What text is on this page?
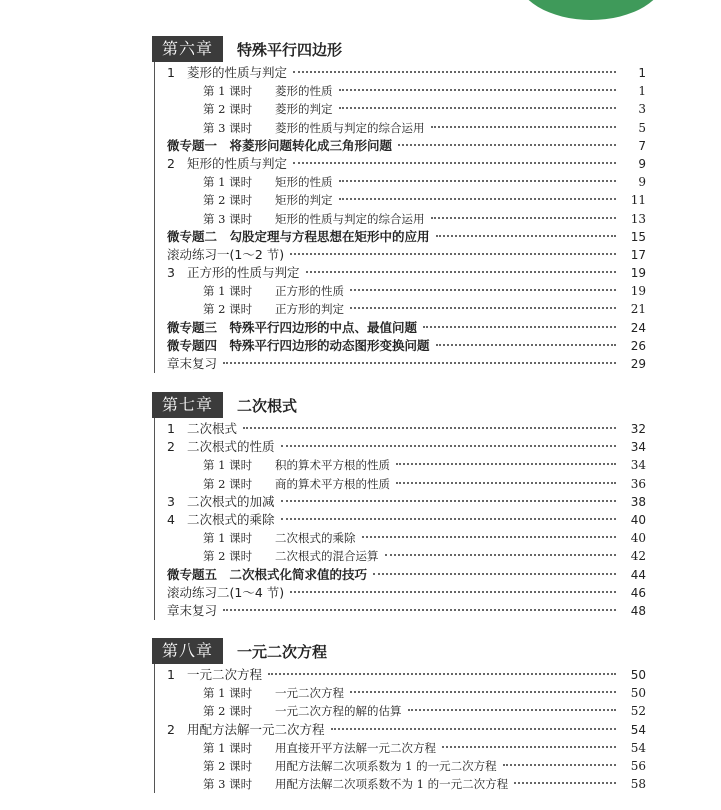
第六章	特殊平行四边形
1 菱形的性质与判定	1
第 1 课时 菱形的性质	1
第 2 课时 菱形的判定	3
第 3 课时 菱形的性质与判定的综合运用	5
微专题一　将菱形问题转化成三角形问题	7
2 矩形的性质与判定	9
第 1 课时 矩形的性质	9
第 2 课时 矩形的判定	11
第 3 课时 矩形的性质与判定的综合运用	13
微专题二　勾股定理与方程思想在矩形中的应用	15
滚动练习一(1～2 节)	17
3 正方形的性质与判定	19
第 1 课时 正方形的性质	19
第 2 课时 正方形的判定	21
微专题三　特殊平行四边形的中点、最值问题	24
微专题四　特殊平行四边形的动态图形变换问题	26
章末复习	29
第七章	二次根式
1 二次根式	32
2 二次根式的性质	34
第 1 课时 积的算术平方根的性质	34
第 2 课时 商的算术平方根的性质	36
3 二次根式的加减	38
4 二次根式的乘除	40
第 1 课时 二次根式的乘除	40
第 2 课时 二次根式的混合运算	42
微专题五　二次根式化简求值的技巧	44
滚动练习二(1～4 节)	46
章末复习	48
第八章	一元二次方程
1 一元二次方程	50
第 1 课时 一元二次方程	50
第 2 课时 一元二次方程的解的估算	52
2 用配方法解一元二次方程	54
第 1 课时 用直接开平方法解一元二次方程	54
第 2 课时 用配方法解二次项系数为 1 的一元二次方程	56
第 3 课时 用配方法解二次项系数不为 1 的一元二次方程	58
